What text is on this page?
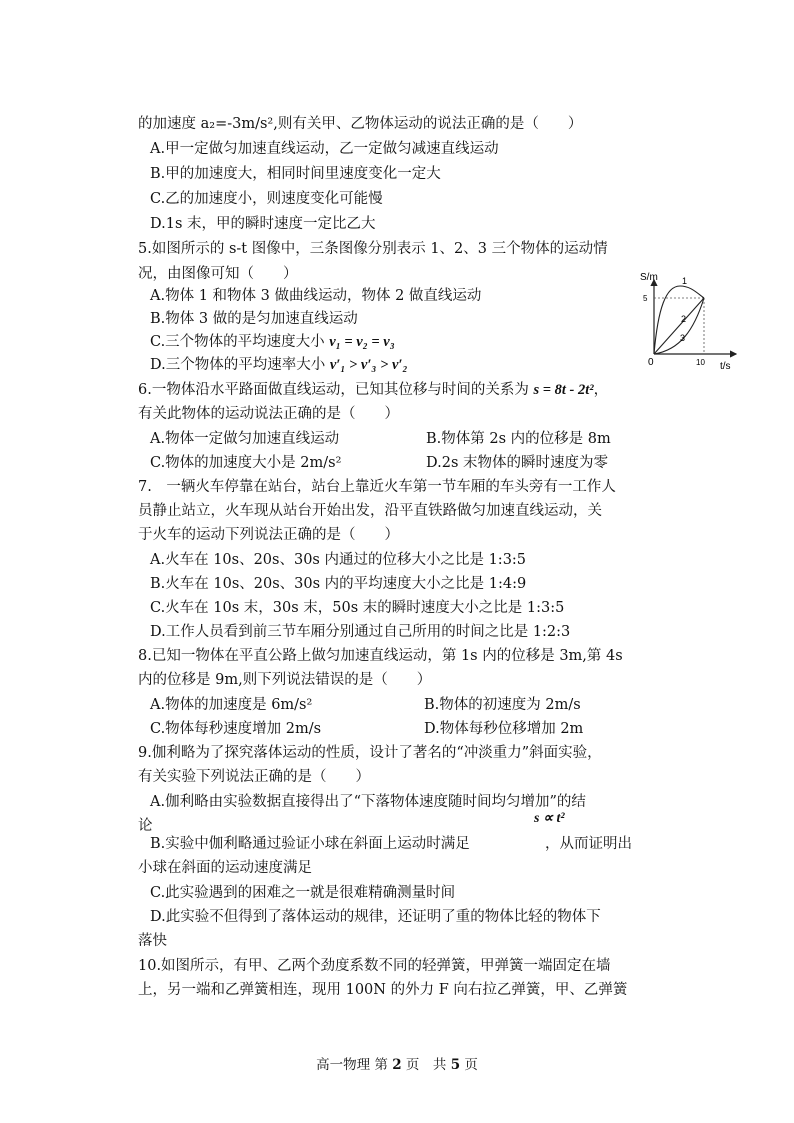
的加速度 a₂=-3m/s²,则有关甲、乙物体运动的说法正确的是（　　）
A.甲一定做匀加速直线运动，乙一定做匀减速直线运动
B.甲的加速度大，相同时间里速度变化一定大
C.乙的加速度小，则速度变化可能慢
D.1s 末，甲的瞬时速度一定比乙大
5.如图所示的 s-t 图像中，三条图像分别表示 1、2、3 三个物体的运动情
况，由图像可知（　　）
A.物体 1 和物体 3 做曲线运动，物体 2 做直线运动
B.物体 3 做的是匀加速直线运动
C.三个物体的平均速度大小 v₁ = v₂ = v₃
D.三个物体的平均速率大小 v′₁ > v′₃ > v′₂
S/m
t/s
5
10
0
1
2
3
6.一物体沿水平路面做直线运动，已知其位移与时间的关系为 s = 8t - 2t²，
有关此物体的运动说法正确的是（　　）
A.物体一定做匀加速直线运动	B.物体第 2s 内的位移是 8m
C.物体的加速度大小是 2m/s²	D.2s 末物体的瞬时速度为零
7.　一辆火车停靠在站台，站台上靠近火车第一节车厢的车头旁有一工作人
员静止站立，火车现从站台开始出发，沿平直铁路做匀加速直线运动，关
于火车的运动下列说法正确的是（　　）
A.火车在 10s、20s、30s 内通过的位移大小之比是 1:3:5
B.火车在 10s、20s、30s 内的平均速度大小之比是 1:4:9
C.火车在 10s 末，30s 末，50s 末的瞬时速度大小之比是 1:3:5
D.工作人员看到前三节车厢分别通过自己所用的时间之比是 1:2:3
8.已知一物体在平直公路上做匀加速直线运动，第 1s 内的位移是 3m,第 4s
内的位移是 9m,则下列说法错误的是（　　）
A.物体的加速度是 6m/s²	B.物体的初速度为 2m/s
C.物体每秒速度增加 2m/s	D.物体每秒位移增加 2m
9.伽利略为了探究落体运动的性质，设计了著名的“冲淡重力”斜面实验，
有关实验下列说法正确的是（　　）
A.伽利略由实验数据直接得出了“下落物体速度随时间均匀增加”的结
论	s ∝ t²
B.实验中伽利略通过验证小球在斜面上运动时满足	，从而证明出
小球在斜面的运动速度满足
C.此实验遇到的困难之一就是很难精确测量时间
D.此实验不但得到了落体运动的规律，还证明了重的物体比轻的物体下
落快
10.如图所示，有甲、乙两个劲度系数不同的轻弹簧，甲弹簧一端固定在墙
上，另一端和乙弹簧相连，现用 100N 的外力 F 向右拉乙弹簧，甲、乙弹簧
高一物理 第 2 页　共 5 页
